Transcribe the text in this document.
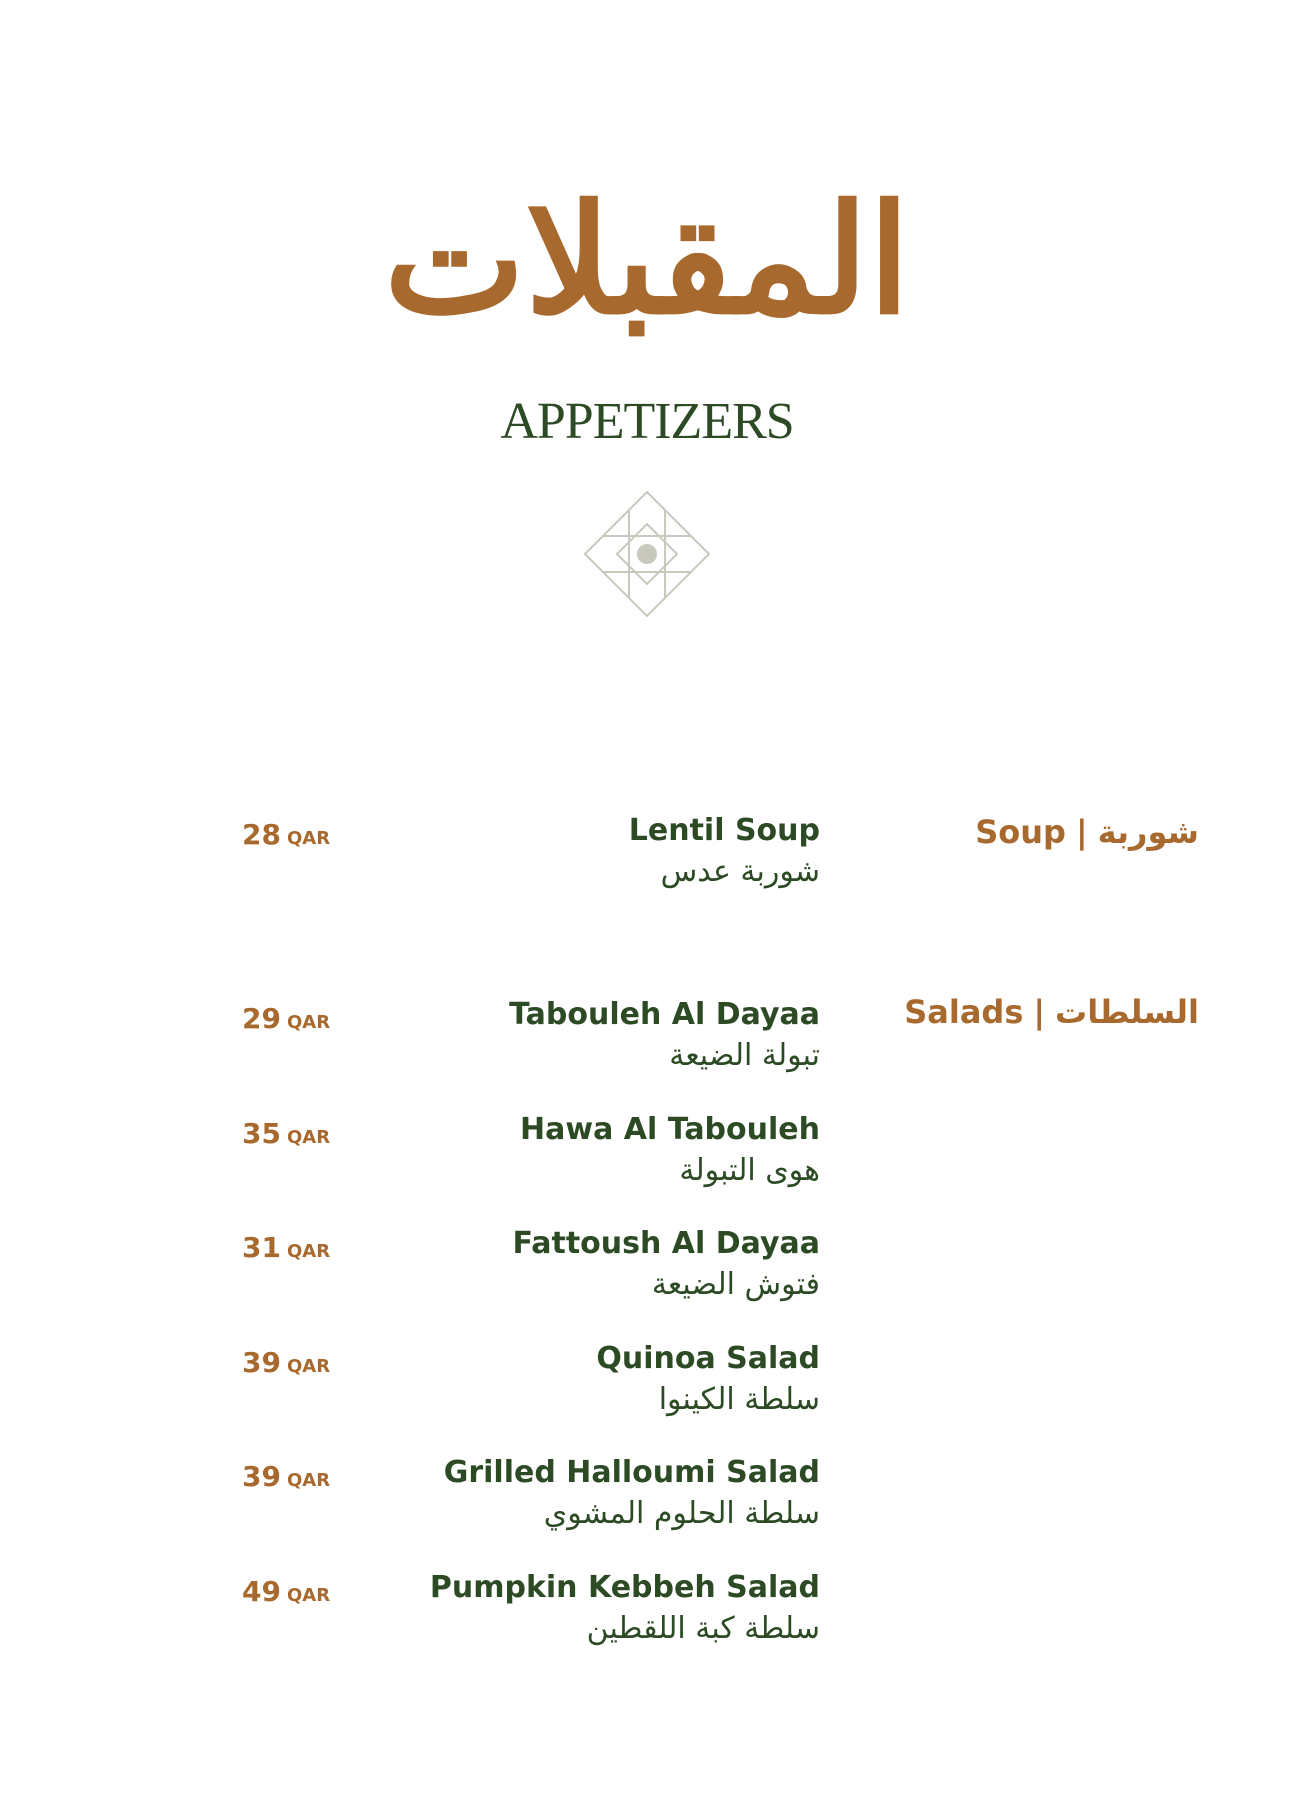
المقبلات
APPETIZERS
Soup | شوربة
Salads | السلطات
28 QAR	Lentil Soup
شوربة عدس
29 QAR	Tabouleh Al Dayaa
تبولة الضيعة
35 QAR	Hawa Al Tabouleh
هوى التبولة
31 QAR	Fattoush Al Dayaa
فتوش الضيعة
39 QAR	Quinoa Salad
سلطة الكينوا
39 QAR	Grilled Halloumi Salad
سلطة الحلوم المشوي
49 QAR	Pumpkin Kebbeh Salad
سلطة كبة اللقطين
